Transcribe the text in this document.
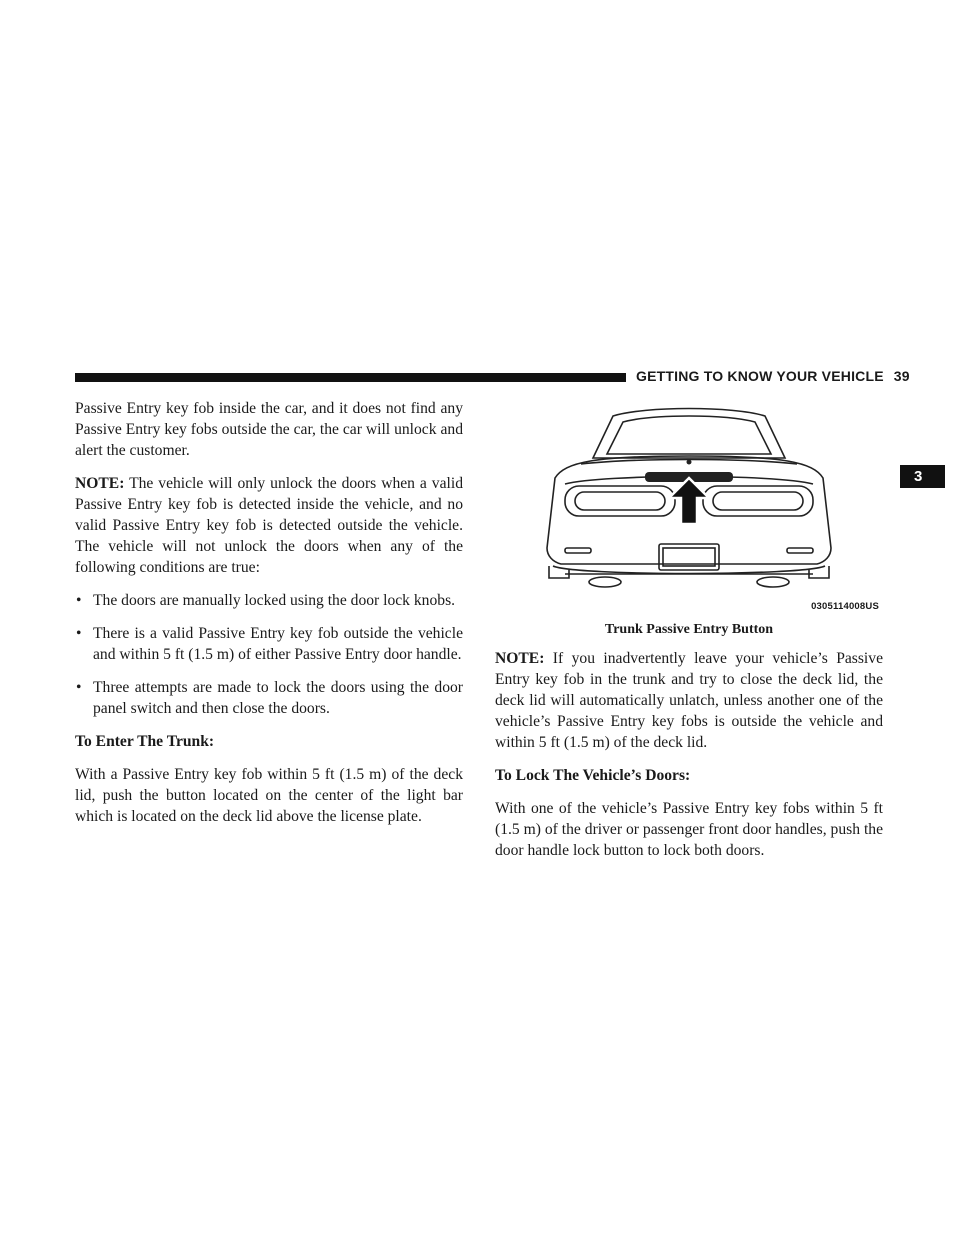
GETTING TO KNOW YOUR VEHICLE 39
3

Passive Entry key fob inside the car, and it does not find any Passive Entry key fobs outside the car, the car will unlock and alert the customer.

NOTE: The vehicle will only unlock the doors when a valid Passive Entry key fob is detected inside the vehicle, and no valid Passive Entry key fob is detected outside the vehicle. The vehicle will not unlock the doors when any of the following conditions are true:

• The doors are manually locked using the door lock knobs.
• There is a valid Passive Entry key fob outside the vehicle and within 5 ft (1.5 m) of either Passive Entry door handle.
• Three attempts are made to lock the doors using the door panel switch and then close the doors.
To Enter The Trunk:

With a Passive Entry key fob within 5 ft (1.5 m) of the deck lid, push the button located on the center of the light bar which is located on the deck lid above the license plate.

0305114008US
Trunk Passive Entry Button

NOTE: If you inadvertently leave your vehicle’s Passive Entry key fob in the trunk and try to close the deck lid, the deck lid will automatically unlatch, unless another one of the vehicle’s Passive Entry key fobs is outside the vehicle and within 5 ft (1.5 m) of the deck lid.

To Lock The Vehicle’s Doors:

With one of the vehicle’s Passive Entry key fobs within 5 ft (1.5 m) of the driver or passenger front door handles, push the door handle lock button to lock both doors.
